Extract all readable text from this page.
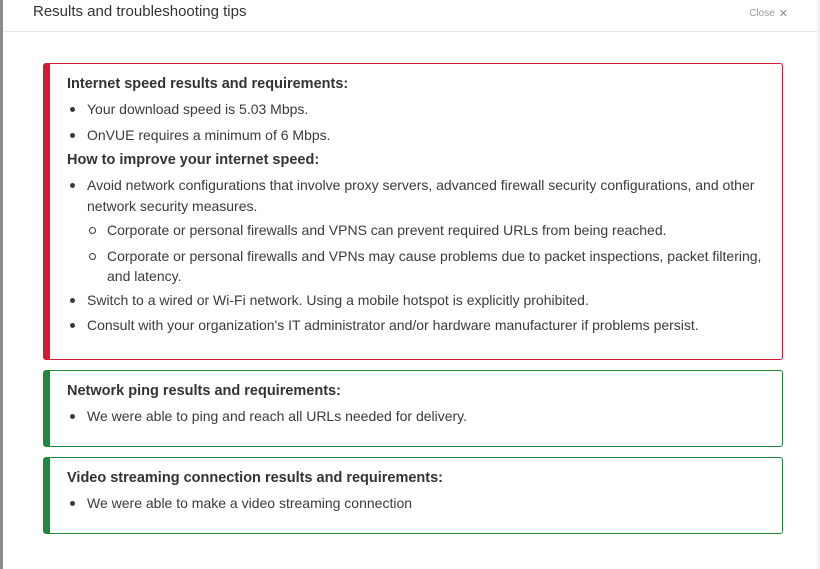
Results and troubleshooting tips	Close ✕
Internet speed results and requirements:
Your download speed is 5.03 Mbps.
OnVUE requires a minimum of 6 Mbps.
How to improve your internet speed:
Avoid network configurations that involve proxy servers, advanced firewall security configurations, and other network security measures.
Corporate or personal firewalls and VPNS can prevent required URLs from being reached.
Corporate or personal firewalls and VPNs may cause problems due to packet inspections, packet filtering, and latency.
Switch to a wired or Wi-Fi network. Using a mobile hotspot is explicitly prohibited.
Consult with your organization's IT administrator and/or hardware manufacturer if problems persist.
Network ping results and requirements:
We were able to ping and reach all URLs needed for delivery.
Video streaming connection results and requirements:
We were able to make a video streaming connection
